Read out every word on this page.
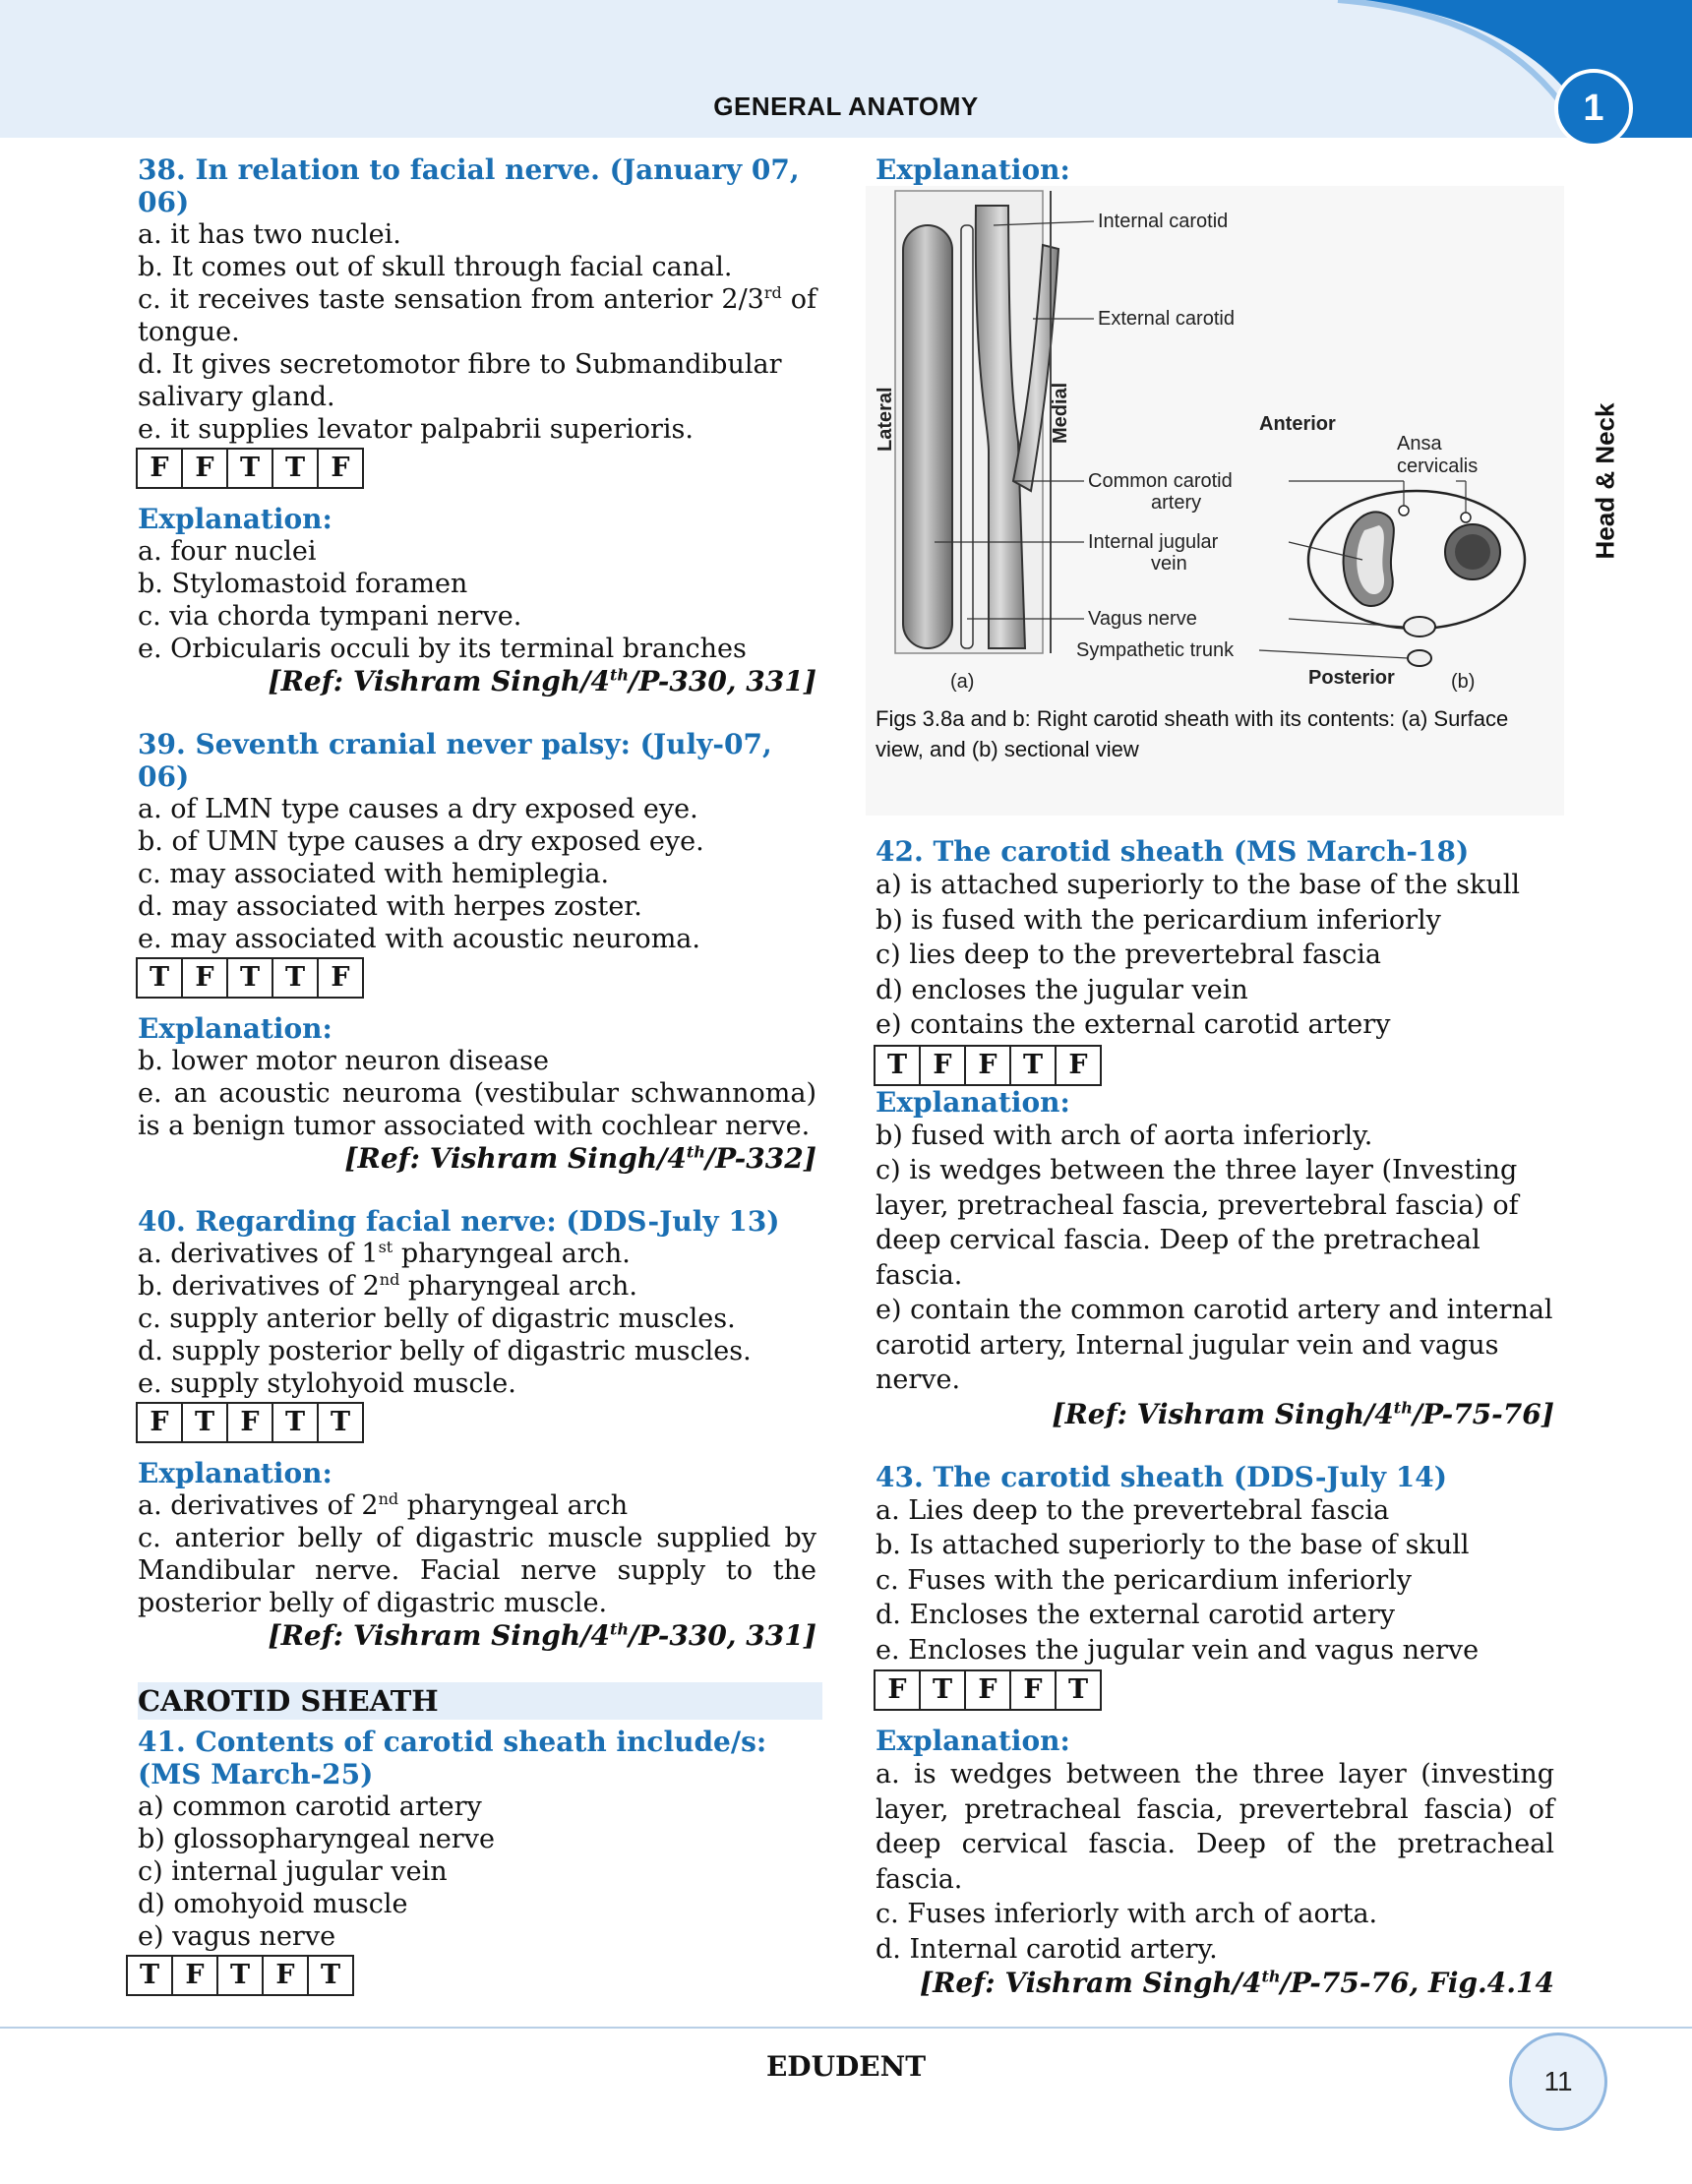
GENERAL ANATOMY	1
Head & Neck

38. In relation to facial nerve. (January 07, 06)

a. it has two nuclei.

b. It comes out of skull through facial canal.

c. it receives taste sensation from anterior 2/3rd of tongue.

d. It gives secretomotor fibre to Submandibular salivary gland.

e. it supplies levator palpabrii superioris.

F F T T F

Explanation:

a. four nuclei

b. Stylomastoid foramen

c. via chorda tympani nerve.

e. Orbicularis occuli by its terminal branches

[Ref: Vishram Singh/4th/P-330, 331]

39. Seventh cranial never palsy: (July-07, 06)

a. of LMN type causes a dry exposed eye.

b. of UMN type causes a dry exposed eye.

c. may associated with hemiplegia.

d. may associated with herpes zoster.

e. may associated with acoustic neuroma.

T F T T F

Explanation:

b. lower motor neuron disease

e. an acoustic neuroma (vestibular schwannoma) is a benign tumor associated with cochlear nerve.

[Ref: Vishram Singh/4th/P-332]

40. Regarding facial nerve: (DDS-July 13)

a. derivatives of 1st pharyngeal arch.

b. derivatives of 2nd pharyngeal arch.

c. supply anterior belly of digastric muscles.

d. supply posterior belly of digastric muscles.

e. supply stylohyoid muscle.

F T F T T

Explanation:

a. derivatives of 2nd pharyngeal arch

c. anterior belly of digastric muscle supplied by Mandibular nerve. Facial nerve supply to the posterior belly of digastric muscle.

[Ref: Vishram Singh/4th/P-330, 331]

CAROTID SHEATH

41. Contents of carotid sheath include/s: (MS March-25)

a) common carotid artery

b) glossopharyngeal nerve

c) internal jugular vein

d) omohyoid muscle

e) vagus nerve

T F T F T

Explanation:

Internal carotid
External carotid
Lateral	Medial	Anterior
Ansa
cervicalis
Common carotid
artery
Internal jugular
vein
Vagus nerve
Sympathetic trunk
Posterior
(a)	(b)

Figs 3.8a and b: Right carotid sheath with its contents: (a) Surface

view, and (b) sectional view

42. The carotid sheath (MS March-18)

a) is attached superiorly to the base of the skull

b) is fused with the pericardium inferiorly

c) lies deep to the prevertebral fascia

d) encloses the jugular vein

e) contains the external carotid artery

T F F T F

Explanation:

b) fused with arch of aorta inferiorly.

c) is wedges between the three layer (Investing layer, pretracheal fascia, prevertebral fascia) of deep cervical fascia. Deep of the pretracheal fascia.

e) contain the common carotid artery and internal carotid artery, Internal jugular vein and vagus nerve.

[Ref: Vishram Singh/4th/P-75-76]

43. The carotid sheath (DDS-July 14)

a. Lies deep to the prevertebral fascia

b. Is attached superiorly to the base of skull

c. Fuses with the pericardium inferiorly

d. Encloses the external carotid artery

e. Encloses the jugular vein and vagus nerve

F T F F T

Explanation:

a. is wedges between the three layer (investing layer, pretracheal fascia, prevertebral fascia) of deep cervical fascia. Deep of the pretracheal fascia.

c. Fuses inferiorly with arch of aorta.

d. Internal carotid artery.

[Ref: Vishram Singh/4th/P-75-76, Fig.4.14

EDUDENT	11
